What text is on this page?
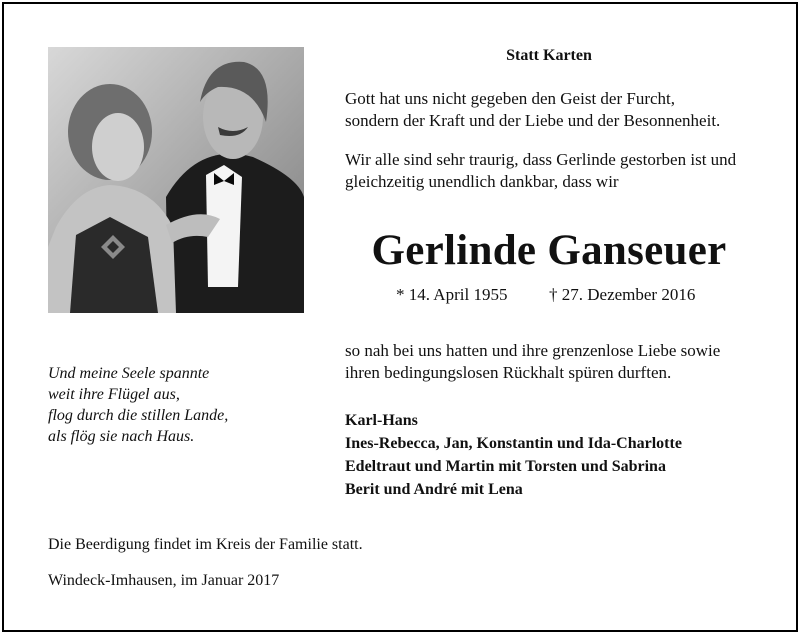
Statt Karten
Gott hat uns nicht gegeben den Geist der Furcht,
sondern der Kraft und der Liebe und der Besonnenheit.
Wir alle sind sehr traurig, dass Gerlinde gestorben ist und
gleichzeitig unendlich dankbar, dass wir
Gerlinde Ganseuer
* 14. April 1955 † 27. Dezember 2016
so nah bei uns hatten und ihre grenzenlose Liebe sowie
ihren bedingungslosen Rückhalt spüren durften.
Und meine Seele spannte
weit ihre Flügel aus,
flog durch die stillen Lande,
als flög sie nach Haus.
Karl-Hans
Ines-Rebecca, Jan, Konstantin und Ida-Charlotte
Edeltraut und Martin mit Torsten und Sabrina
Berit und André mit Lena
Die Beerdigung findet im Kreis der Familie statt.
Windeck-Imhausen, im Januar 2017
